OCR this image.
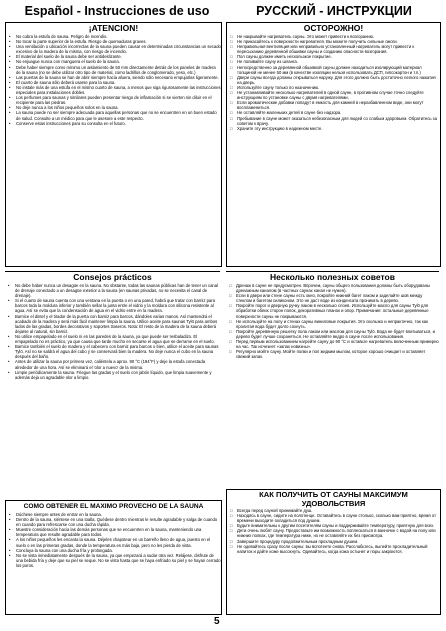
Español - Instrucciones de uso	РУССКИЙ - ИНСТРУКЦИИ
¡ATENCION!
• No cubra la estufa de sauna. Peligro de incendio.
• No tocar la parte superior de la estufa. Riesgo de quemaduras graves.
• Una ventilación o ubicación incorrectas de la sauna pueden causar en determinadas circunstancias un secado excesivo de la madera de la misma, con riesgo de incendio.
• El material del suelo de la sauna debe ser antideslizante.
• No enjuague nunca con manguera el suelo de la sauna.
• Debe haber siempre como mínimo un aislamiento de 50 mm directamente detrás de los paneles de madera de la sauna (no se debe utilizar otro tipo de material, como ladrillos de conglomerado, yeso, etc.)
• Las puertas de la sauna se han de abrir siempre hacia afuera, siendo sólo necesario empujarlas ligeramente.
• El cuarto de sauna sólo deberá usarse para la sauna.
• No instale más de una estufa en el mismo cuarto de sauna, a menos que siga rigurosamente las instrucciones especiales para instalaciones dobles.
• Los perfumes para saunas y similares pueden presentar riesgo de inflamación si se vierten sin diluir en el recipiente para las piedras.
• No deje nunca a los niños pequeños solos en la sauna.
• La sauna puede no ser siempre adecuada para aquellas personas que no se encuentren en un buen estado de salud. Consulte a un médico para que le asesore a este respecto.
• Conserve estas instrucciones para su consulta en el futuro.
Consejos prácticos
• No debe haber nunca un desagüe en la sauna. No obstante, todas las saunas públicas han de tener un canal de drenaje conectado a un desagüe exterior a la sauna (en saunas privadas, no se necesita el canal de drenaje).
• Si el cuarto de sauna cuenta con una ventana en la puerta o en una pared, habrá que tratar con barniz para barcos toda la moldura inferior y también sellar la junta entre el vidrio y la moldura con silicona resistente al agua. Así se evita que la condensación de agua en el vidrio entre en la madera.
• Barnice el dintel y el tirador de la puerta con barniz para barcos, dándoles varias manos. Así mantendrá el acabado de la madera y será más fácil mantener limpia la sauna. Utilice aceite para saunas Tylö para ambos lados de las gradas, bordes decorativos y soportes traseros. Nota: El resto de la madera de la sauna deberá dejarse al natural, sin barniz.
• No utilice empapelado en el suelo ni en las paredes de la sauna, ya que puede ser resbaladizo. El empapelado no es práctico, ya que causa que tarde mucho en secarse el agua que se derrame en el suelo.
• Barnice también el suelo de madera y el cabecero con barniz para barcos o bien, utilice el aceite para saunas Tylö. Así no se saldrá el agua del cubo y se conservará bien la madera. No deje nunca el cubo en la sauna después del baño.
• Antes de utilizar la sauna por primera vez, caliéntela a aprox. 90 °C (194°F) y deje la estufa conectada alrededor de una hora. Así se eliminará el 'olor a nuevo' de la misma.
• Limpie periódicamente la sauna. Friegue las gradas y el suelo con jabón líquido, que limpia suavemente y además deja un agradable olor a limpio.
COMO OBTENER EL MAXIMO PROVECHO DE LA SAUNA
• Dúchese siempre antes de entrar en la sauna.
• Dentro de la sauna, siéntese en una toalla. Quédese dentro mientras le resulte agradable y salga de cuando en cuando para refrescarse con una ducha rápida.
• Muestre consideración hacia las demás personas que se encuentren en la sauna, manteniendo una temperatura que resulte agradable para todos.
• A los niños pequeños les encanta la sauna. Déjeles chapotear en un barreño lleno de agua, puesto en el suelo o en las primeras gradas, donde la temperatura es más baja, pero no les pierda de vista.
• Concluya la sauna con una ducha fría y prolongada.
• No se vista inmediatamente después de la sauna, ya que empezará a sudar otra vez. Relájese, disfrute de una bebida fría y deje que su piel se seque. No se vista hasta que se haya enfriado su piel y se hayan cerrado los poros.
ОСТОРОЖНО!
□ Не накрывайте нагреватель сауны. Это может привести к возгоранию.
□ Не прикасайтесь к поверхности нагревателя. Вы можете получить сильные ожоги.
□ Неправильная вентиляция или неправильно установленный нагреватель могут привести к пересыханию деревянной обшивки сауны и созданию опасности возгорания.
□ Пол сауны должен иметь нескользкое покрытие.
□ Не поливайте сауну из шланга.
□ Непосредственно за деревянной обшивкой сауны должен находиться изолирующий материал толщиной не менее 50 мм (в качестве изоляции нельзя использовать ДСП, гипсокартон и т.п.)
□ Двери сауны всегда должны открываться наружу. Для этого должно быть достаточно легкого нажатия на дверь.
□ Используйте сауну только по назначению.
□ Не устанавливайте несколько нагревателей в одной сауне, в противном случае точно следуйте инструкциям по установке сауны с двумя нагревателями.
□ Если ароматические добавки попадут в емкость для камней в неразбавленном виде, они могут воспламениться.
□ Не оставляйте маленьких детей в сауне без надзора.
□ Пребывание в сауне может оказаться небезопасным для людей со слабым здоровьем. Обратитесь за советом к врачу.
□ Храните эту инструкцию в надежном месте.
Несколько полезных советов
□ Дренаж в сауне не предусмотрен. Впрочем, сауны общего пользования должны быть оборудованы дренажным каналом (в частных саунах канал не нужен).
□ Если в двери или стене сауны есть окно, покройте нижний багет лаком и заделайте шов между стеклом и багетом силиконом. Это не даст воде из конденсата проникать в дерево.
□ Покройте порог и дверную ручку лаком в несколько слоев. Используйте масло для сауны Tylö для обработки обеих сторон полок, декоративных планок и опор. Примечание: остальные деревянные поверхности сауны не покрываются.
□ Не используйте на полу и стенах сауны виниловые покрытия. Это скользко и непрактично, так как пролитая вода будет долго сохнуть.
□ Покройте деревянную решетку пола лаком или маслом для сауны Tylö. Вода не будет впитываться, и дерево будет лучше сохраняться. Не оставляйте ведро в сауне после использования.
□ Перед первым использованием нагрейте сауну до 90 °C и оставьте нагреватель включенным примерно на час. Так исчезнет «запах новизны».
□ Регулярно мойте сауну. Мойте полки и пол жидким мылом, которое хорошо очищает и оставляет свежий запах.
КАК ПОЛУЧИТЬ ОТ САУНЫ МАКСИМУМ УДОВОЛЬСТВИЯ
□ Всегда перед сауной принимайте душ.
□ Находясь в сауне, сидите на полотенце. Оставайтесь в сауне столько, сколько вам приятно, время от времени выходите охладиться под душем.
□ Будьте внимательны к другим посетителям сауны и поддерживайте температуру, приятную для всех.
□ Дети очень любят сауну. Предоставьте им возможность поплескаться в ванночке с водой на полу или нижних полках, где температура ниже, но не оставляйте их без присмотра.
□ Завершите процедуру продолжительным прохладным душем.
□ Не одевайтесь сразу после сауны: вы вспотеете снова. Расслабьтесь, выпейте прохладительный напиток и дайте коже высохнуть. Одевайтесь, когда кожа остынет и поры закроются.
5
